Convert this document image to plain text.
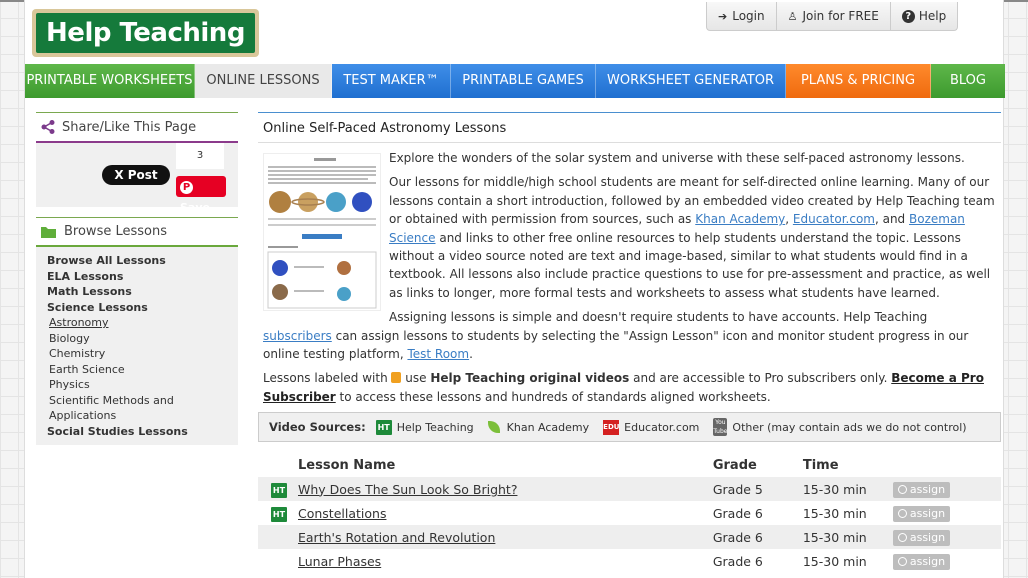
Help Teaching
➔ Login ♙ Join for FREE	? Help
PRINTABLE WORKSHEETS	ONLINE LESSONS	TEST MAKER™	PRINTABLE GAMES	WORKSHEET GENERATOR	PLANS & PRICING	BLOG
Share/Like This Page
X Post
3
PSave
Browse Lessons
Browse All Lessons
ELA Lessons
Math Lessons
Science Lessons
Astronomy
Biology
Chemistry
Earth Science
Physics
Scientific Methods and Applications
Social Studies Lessons
Online Self-Paced Astronomy Lessons

Explore the wonders of the solar system and universe with these self-paced astronomy lessons.

Our lessons for middle/high school students are meant for self-directed online learning. Many of our lessons contain a short introduction, followed by an embedded video created by Help Teaching team or obtained with permission from sources, such as Khan Academy, Educator.com, and Bozeman Science and links to other free online resources to help students understand the topic. Lessons without a video source noted are text and image-based, similar to what students would find in a textbook. All lessons also include practice questions to use for pre-assessment and practice, as well as links to longer, more formal tests and worksheets to assess what students have learned.

Assigning lessons is simple and doesn't require students to have accounts. Help Teaching subscribers can assign lessons to students by selecting the "Assign Lesson" icon and monitor student progress in our online testing platform, Test Room.

Lessons labeled with  use Help Teaching original videos and are accessible to Pro subscribers only. Become a Pro Subscriber to access these lessons and hundreds of standards aligned worksheets.

Video Sources: HT Help Teaching	Khan Academy EDU Educator.com	You Tube Other (may contain ads we do not control)
	Lesson Name	Grade	Time	
HT	Why Does The Sun Look So Bright?	Grade 5	15-30 min	assign
HT	Constellations	Grade 6	15-30 min	assign
	Earth's Rotation and Revolution	Grade 6	15-30 min	assign
	Lunar Phases	Grade 6	15-30 min	assign
